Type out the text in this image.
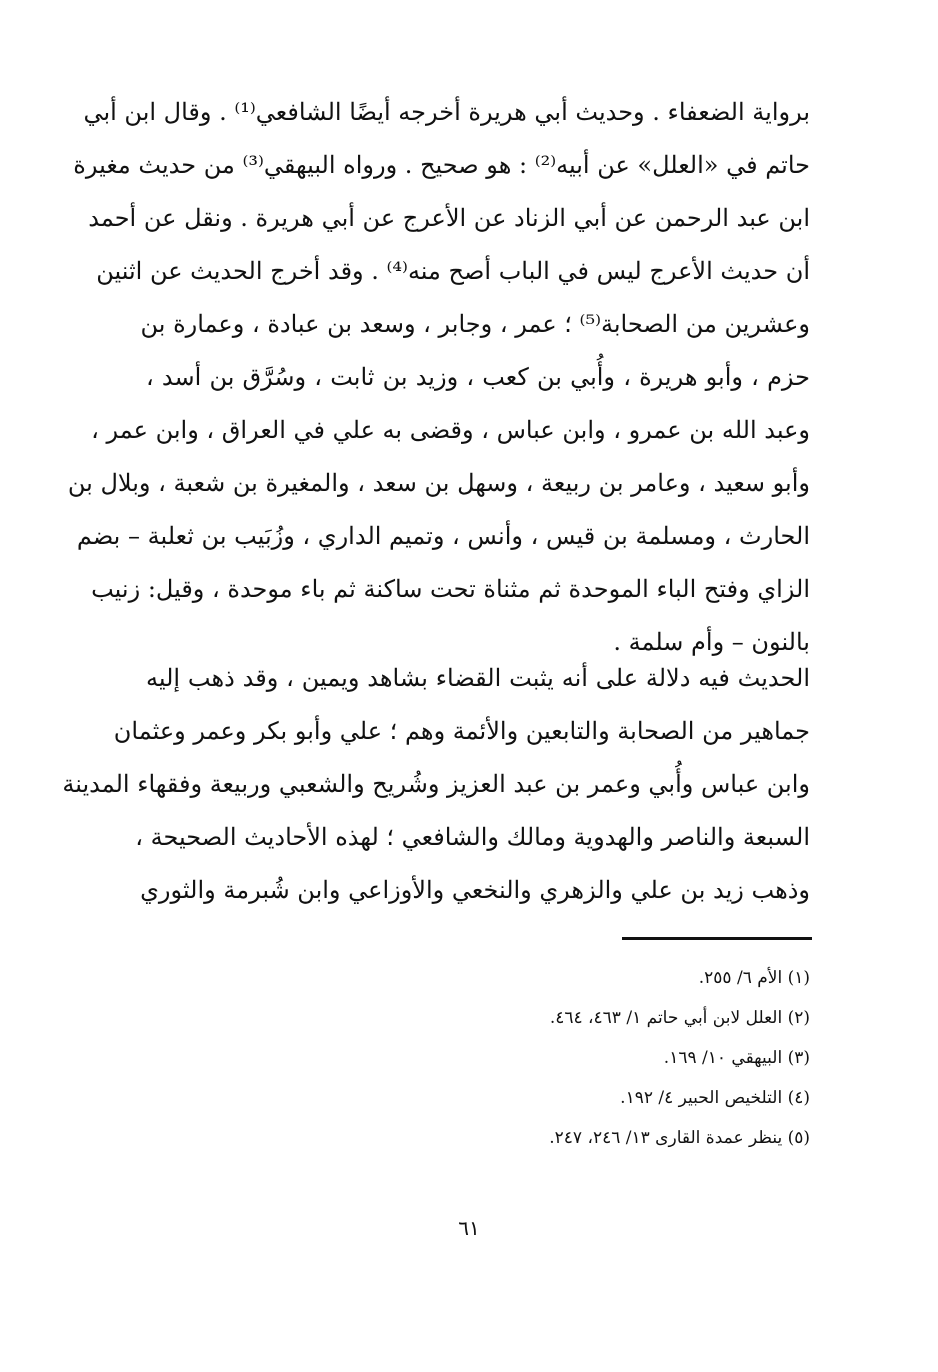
برواية الضعفاء . وحديث أبي هريرة أخرجه أيضًا الشافعي⁽¹⁾ . وقال ابن أبي
حاتم في «العلل» عن أبيه⁽²⁾ : هو صحيح . ورواه البيهقي⁽³⁾ من حديث مغيرة
ابن عبد الرحمن عن أبي الزناد عن الأعرج عن أبي هريرة . ونقل عن أحمد
أن حديث الأعرج ليس في الباب أصح منه⁽⁴⁾ . وقد أخرج الحديث عن اثنين
وعشرين من الصحابة⁽⁵⁾ ؛ عمر ، وجابر ، وسعد بن عبادة ، وعمارة بن
حزم ، وأبو هريرة ، وأُبي بن كعب ، وزيد بن ثابت ، وسُرَّق بن أسد ،
وعبد الله بن عمرو ، وابن عباس ، وقضى به علي في العراق ، وابن عمر ،
وأبو سعيد ، وعامر بن ربيعة ، وسهل بن سعد ، والمغيرة بن شعبة ، وبلال بن
الحارث ، ومسلمة بن قيس ، وأنس ، وتميم الداري ، وزُبَيب بن ثعلبة – بضم
الزاي وفتح الباء الموحدة ثم مثناة تحت ساكنة ثم باء موحدة ، وقيل: زنيب
بالنون – وأم سلمة .
الحديث فيه دلالة على أنه يثبت القضاء بشاهد ويمين ، وقد ذهب إليه
جماهير من الصحابة والتابعين والأئمة وهم ؛ علي وأبو بكر وعمر وعثمان
وابن عباس وأُبي وعمر بن عبد العزيز وشُريح والشعبي وربيعة وفقهاء المدينة
السبعة والناصر والهدوية ومالك والشافعي ؛ لهذه الأحاديث الصحيحة ،
وذهب زيد بن علي والزهري والنخعي والأوزاعي وابن شُبرمة والثوري
(١) الأم ٦/ ٢٥٥.
(٢) العلل لابن أبي حاتم ١/ ٤٦٣، ٤٦٤.
(٣) البيهقي ١٠/ ١٦٩.
(٤) التلخيص الحبير ٤/ ١٩٢.
(٥) ينظر عمدة القارى ١٣/ ٢٤٦، ٢٤٧.
٦١
